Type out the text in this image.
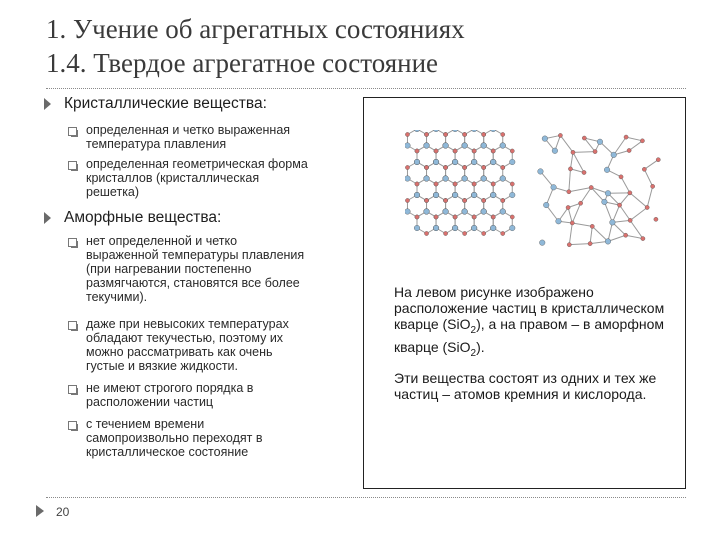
1. Учение об агрегатных состояниях
1.4. Твердое агрегатное состояние
Кристаллические вещества:
определенная и четко выраженная
температура плавления
определенная геометрическая форма
кристаллов (кристаллическая
решетка)
Аморфные вещества:
нет определенной и четко
выраженной температуры плавления
(при нагревании постепенно
размягчаются, становятся все более
текучими).
даже при невысоких температурах
обладают текучестью, поэтому их
можно рассматривать как очень
густые и вязкие жидкости.
не имеют строгого порядка в
расположении частиц
с течением времени
самопроизвольно переходят в
кристаллическое состояние

На левом рисунке изображено расположение частиц в кристаллическом кварце (SiO$_2$), а на правом – в аморфном кварце (SiO$_2$).

Эти вещества состоят из одних и тех же частиц – атомов кремния и кислорода.

20
